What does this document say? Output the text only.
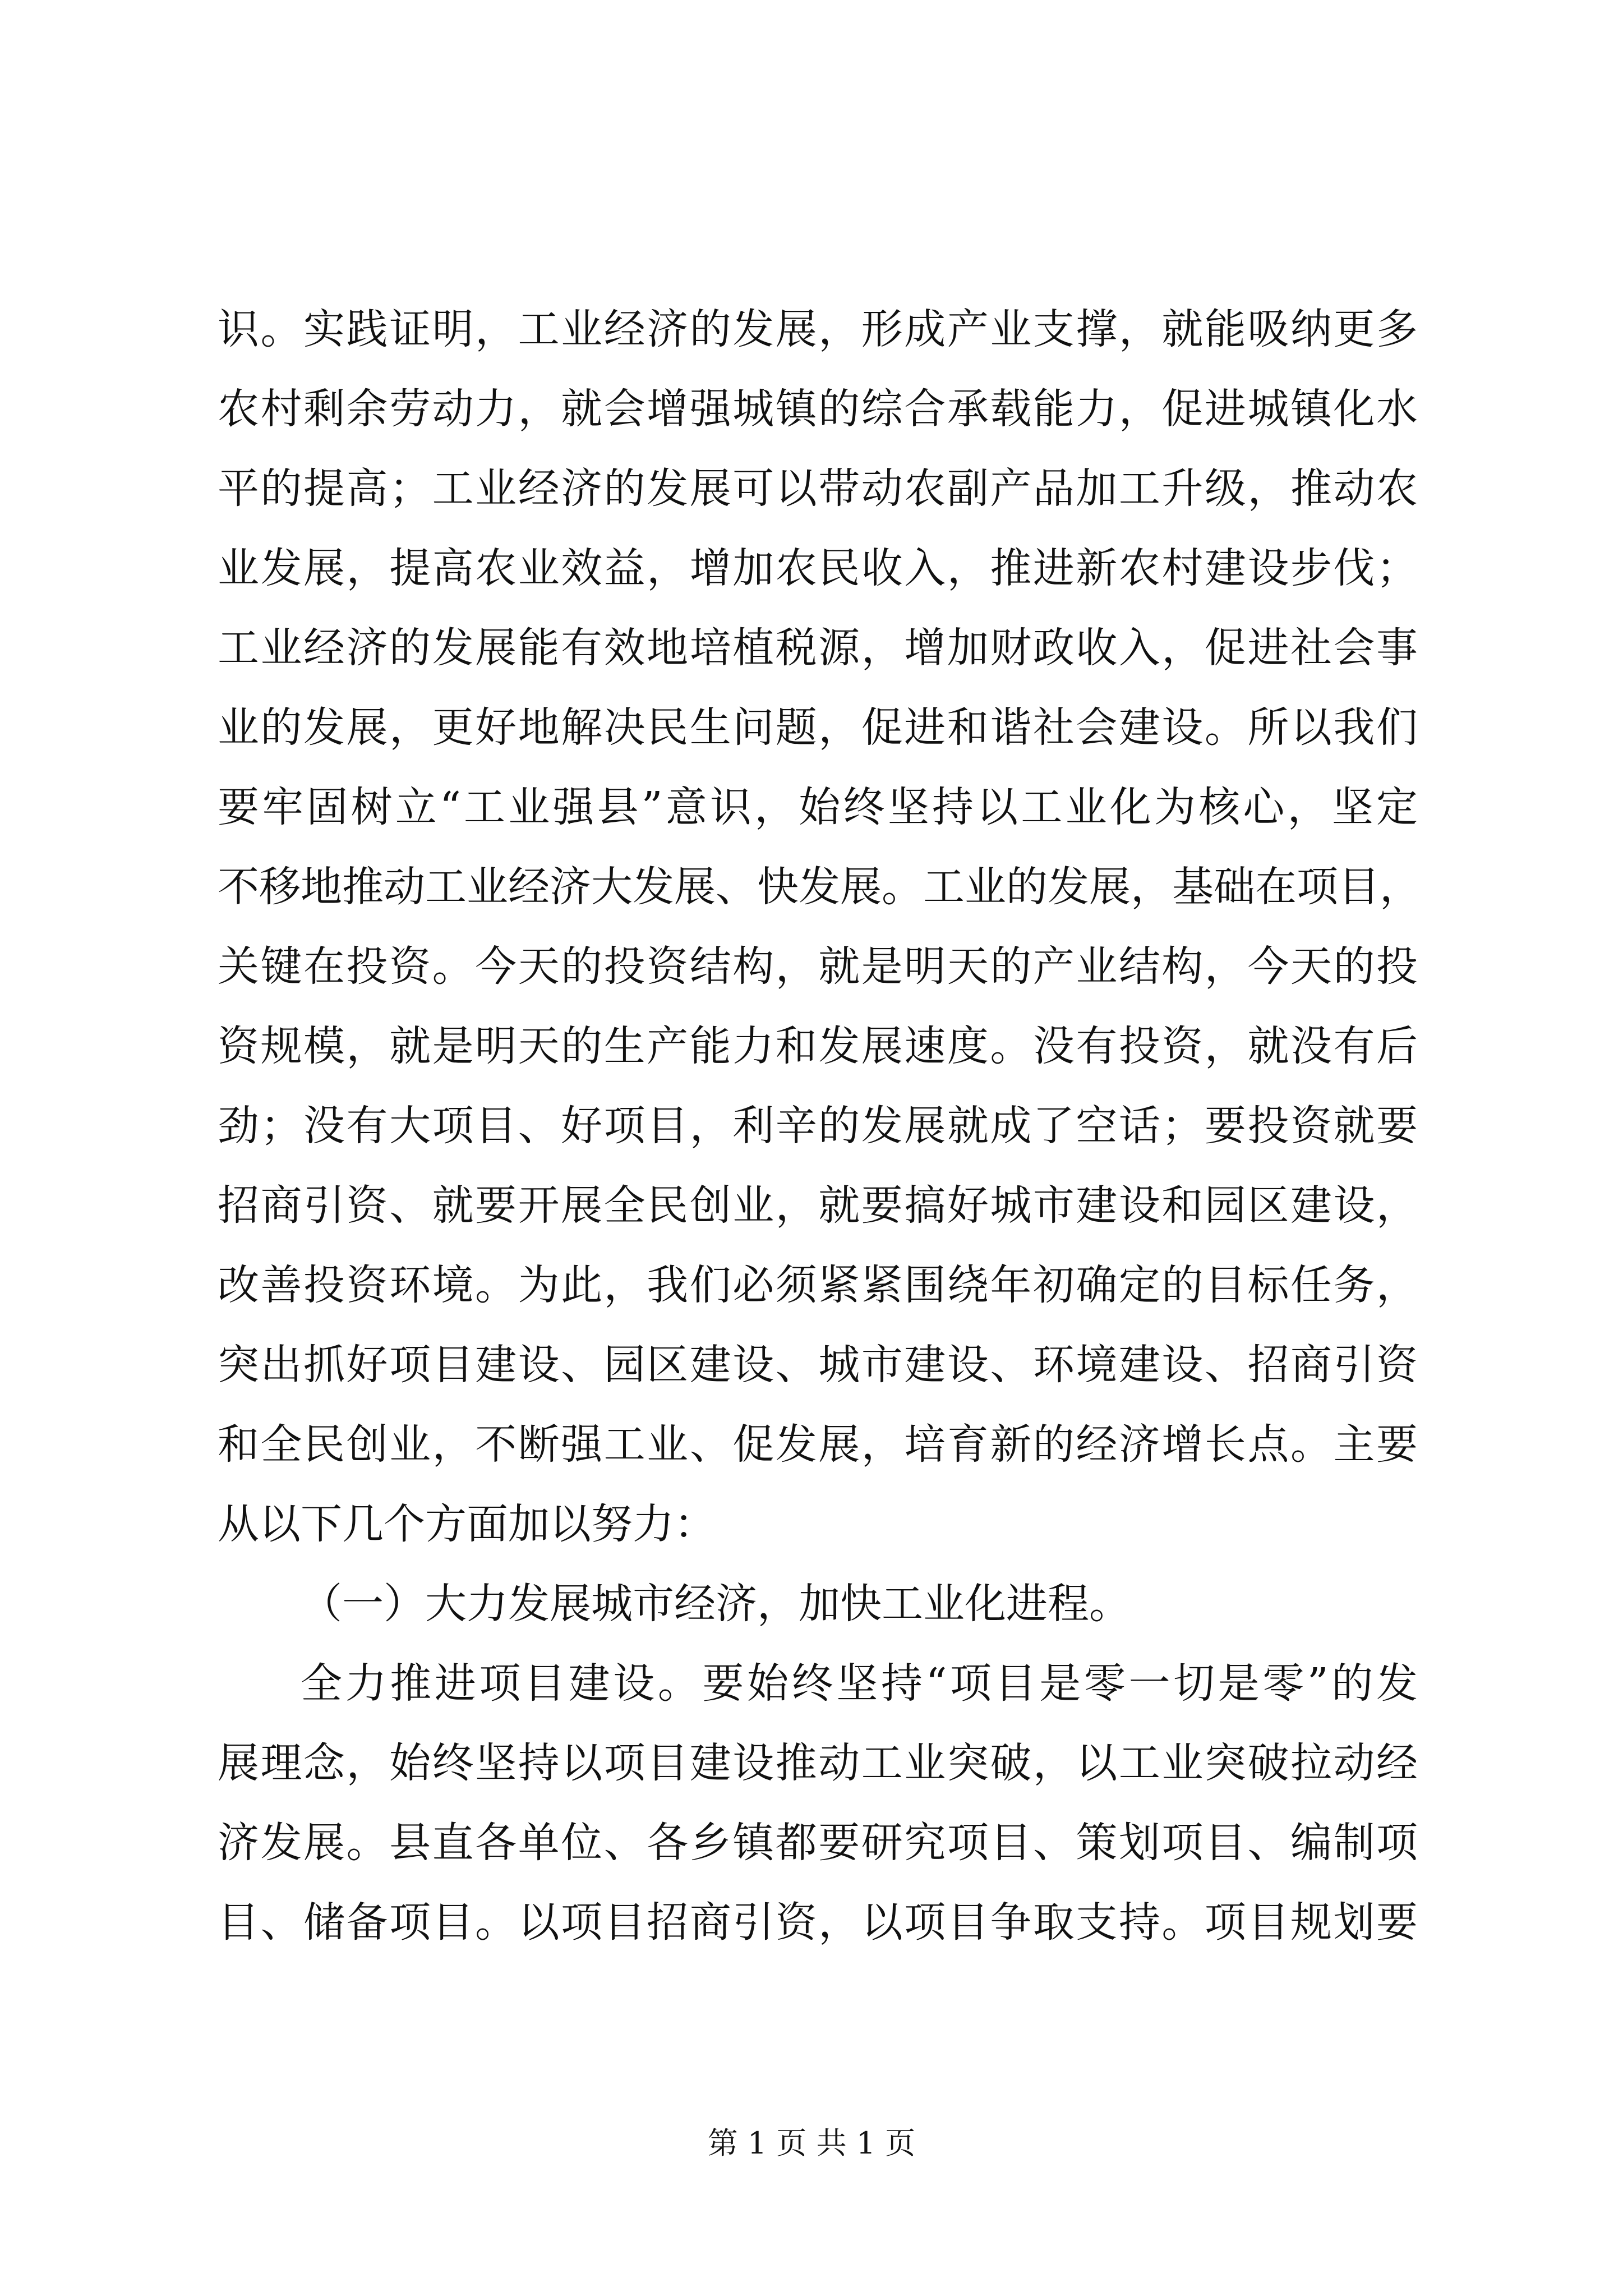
识。实践证明，工业经济的发展，形成产业支撑，就能吸纳更多
农村剩余劳动力，就会增强城镇的综合承载能力，促进城镇化水
平的提高；工业经济的发展可以带动农副产品加工升级，推动农
业发展，提高农业效益，增加农民收入，推进新农村建设步伐；
工业经济的发展能有效地培植税源，增加财政收入，促进社会事
业的发展，更好地解决民生问题，促进和谐社会建设。所以我们
要牢固树立“工业强县”意识，始终坚持以工业化为核心，坚定
不移地推动工业经济大发展、快发展。工业的发展，基础在项目，
关键在投资。今天的投资结构，就是明天的产业结构，今天的投
资规模，就是明天的生产能力和发展速度。没有投资，就没有后
劲；没有大项目、好项目，利辛的发展就成了空话；要投资就要
招商引资、就要开展全民创业，就要搞好城市建设和园区建设，
改善投资环境。为此，我们必须紧紧围绕年初确定的目标任务，
突出抓好项目建设、园区建设、城市建设、环境建设、招商引资
和全民创业，不断强工业、促发展，培育新的经济增长点。主要
从以下几个方面加以努力：
（一）大力发展城市经济，加快工业化进程。
全力推进项目建设。要始终坚持“项目是零一切是零”的发
展理念，始终坚持以项目建设推动工业突破，以工业突破拉动经
济发展。县直各单位、各乡镇都要研究项目、策划项目、编制项
目、储备项目。以项目招商引资，以项目争取支持。项目规划要
第 1 页 共 1 页
